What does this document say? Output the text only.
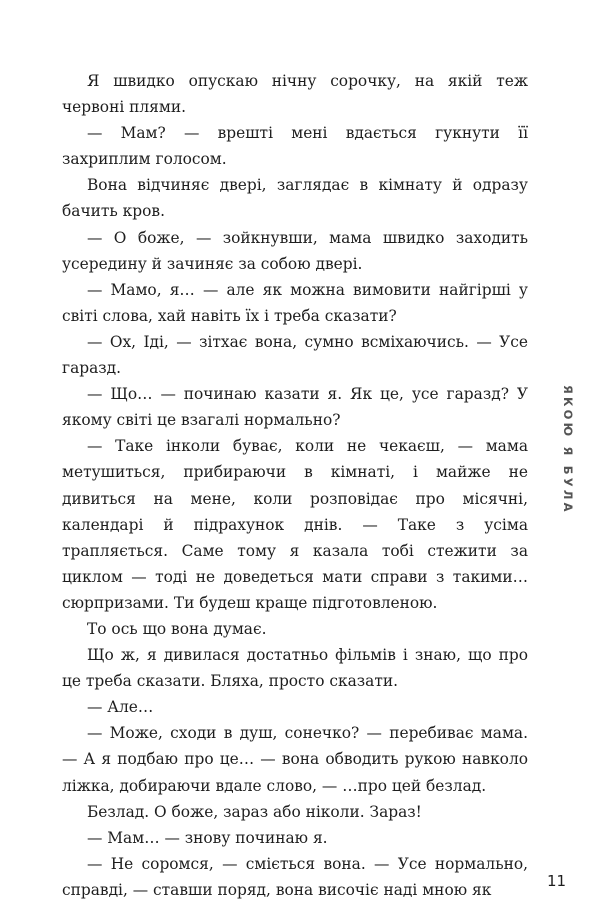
Я швидко опускаю нічну сорочку, на якій теж червоні плями.

— Мам? — врешті мені вдається гукнути її захриплим голосом.

Вона відчиняє двері, заглядає в кімнату й одразу бачить кров.

— О боже, — зойкнувши, мама швидко заходить усередину й зачиняє за собою двері.

— Мамо, я… — але як можна вимовити найгірші у світі слова, хай навіть їх і треба сказати?

— Ох, Іді, — зітхає вона, сумно всміхаючись. — Усе гаразд.

— Що… — починаю казати я. Як це, усе гаразд? У якому світі це взагалі нормально?

— Таке інколи буває, коли не чекаєш, — мама метушиться, прибираючи в кімнаті, і майже не дивиться на мене, коли розповідає про місячні, календарі й підрахунок днів. — Таке з усіма трапляється. Саме тому я казала тобі стежити за циклом — тоді не доведеться мати справи з такими… сюрпризами. Ти будеш краще підготовленою.

То ось що вона думає.

Що ж, я дивилася достатньо фільмів і знаю, що про це треба сказати. Бляха, просто сказати.

— Але…

— Може, сходи в душ, сонечко? — перебиває мама. — А я подбаю про це… — вона обводить рукою навколо ліжка, добираючи вдале слово, — …про цей безлад.

Безлад. О боже, зараз або ніколи. Зараз!

— Мам… — знову починаю я.

— Не соромся, — сміється вона. — Усе нормально, справді, — ставши поряд, вона височіє наді мною як

ЯКОЮ Я БУЛА
11
